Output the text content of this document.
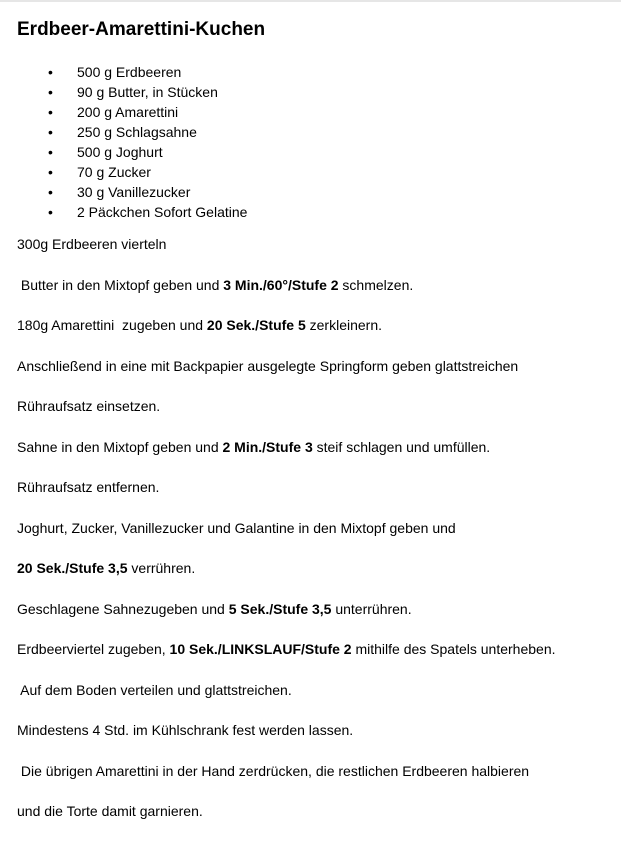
Erdbeer-Amarettini-Kuchen
• 500 g Erdbeeren
• 90 g Butter, in Stücken
• 200 g Amarettini
• 250 g Schlagsahne
• 500 g Joghurt
• 70 g Zucker
• 30 g Vanillezucker
• 2 Päckchen Sofort Gelatine
300g Erdbeeren vierteln
Butter in den Mixtopf geben und 3 Min./60°/Stufe 2 schmelzen.
180g Amarettini  zugeben und 20 Sek./Stufe 5 zerkleinern.
Anschließend in eine mit Backpapier ausgelegte Springform geben glattstreichen
Rühraufsatz einsetzen.
Sahne in den Mixtopf geben und 2 Min./Stufe 3 steif schlagen und umfüllen.
Rühraufsatz entfernen.
Joghurt, Zucker, Vanillezucker und Galantine in den Mixtopf geben und
20 Sek./Stufe 3,5 verrühren.
Geschlagene Sahnezugeben und 5 Sek./Stufe 3,5 unterrühren.
Erdbeerviertel zugeben, 10 Sek./LINKSLAUF/Stufe 2 mithilfe des Spatels unterheben.
Auf dem Boden verteilen und glattstreichen.
Mindestens 4 Std. im Kühlschrank fest werden lassen.
Die übrigen Amarettini in der Hand zerdrücken, die restlichen Erdbeeren halbieren
und die Torte damit garnieren.
